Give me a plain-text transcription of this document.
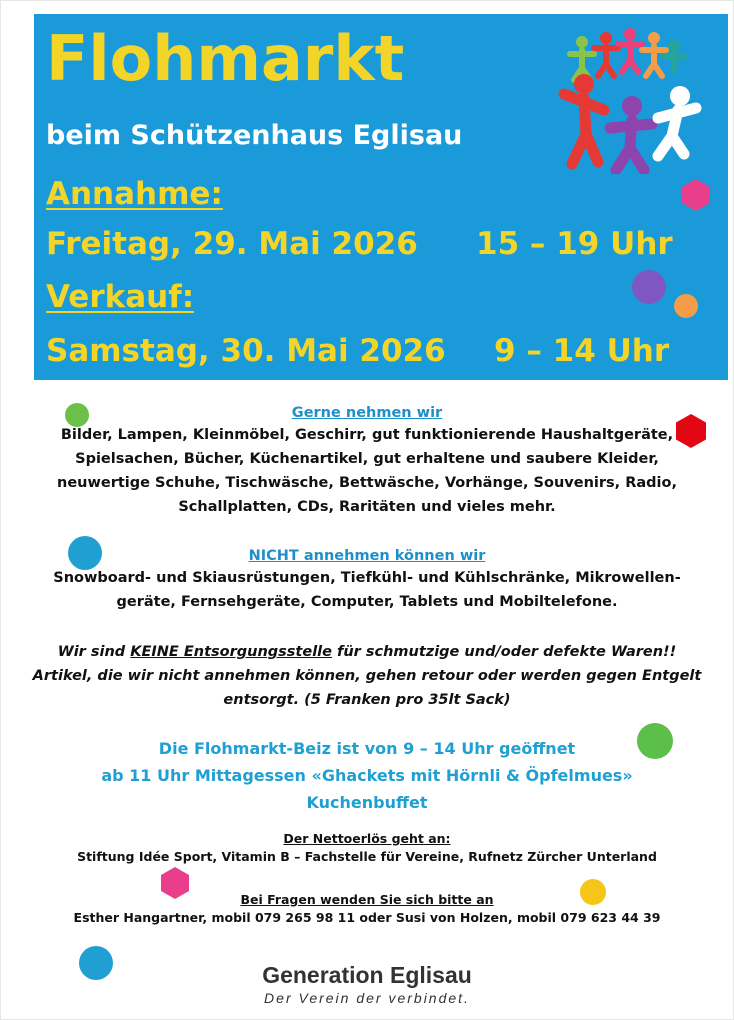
Flohmarkt
beim Schützenhaus Eglisau
Annahme:
Freitag, 29. Mai 2026 15 – 19 Uhr
Verkauf:
Samstag, 30. Mai 2026 9 – 14 Uhr
Gerne nehmen wir
Bilder, Lampen, Kleinmöbel, Geschirr, gut funktionierende Haushaltgeräte,
Spielsachen, Bücher, Küchenartikel, gut erhaltene und saubere Kleider,
neuwertige Schuhe, Tischwäsche, Bettwäsche, Vorhänge, Souvenirs, Radio,
Schallplatten, CDs, Raritäten und vieles mehr.
NICHT annehmen können wir
Snowboard- und Skiausrüstungen, Tiefkühl- und Kühlschränke, Mikrowellen-
geräte, Fernsehgeräte, Computer, Tablets und Mobiltelefone.
Wir sind KEINE Entsorgungsstelle für schmutzige und/oder defekte Waren!!
Artikel, die wir nicht annehmen können, gehen retour oder werden gegen Entgelt
entsorgt. (5 Franken pro 35lt Sack)
Die Flohmarkt-Beiz ist von 9 – 14 Uhr geöffnet
ab 11 Uhr Mittagessen «Ghackets mit Hörnli & Öpfelmues»
Kuchenbuffet
Der Nettoerlös geht an:
Stiftung Idée Sport, Vitamin B – Fachstelle für Vereine, Rufnetz Zürcher Unterland
Bei Fragen wenden Sie sich bitte an
Esther Hangartner, mobil 079 265 98 11 oder Susi von Holzen, mobil 079 623 44 39
Generation Eglisau
Der Verein der verbindet.
